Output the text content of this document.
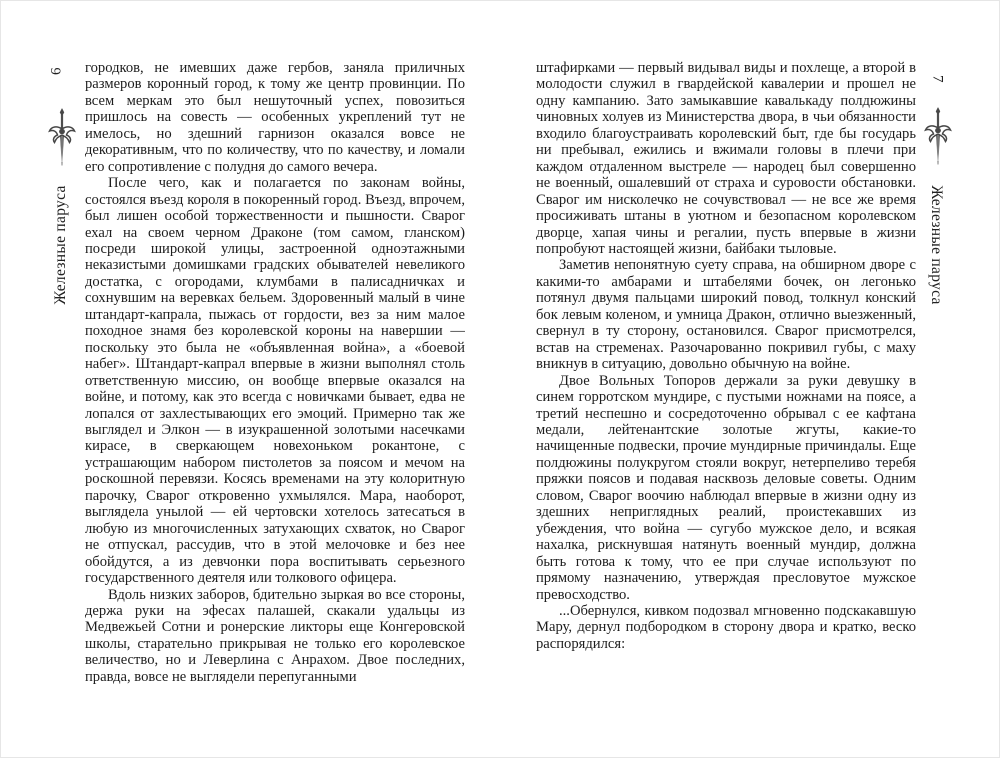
6
Железные паруса

городков, не имевших даже гербов, заняла приличных размеров коронный город, к тому же центр провинции. По всем меркам это был нешуточный успех, повозиться пришлось на совесть — особенных укреплений тут не имелось, но здешний гарнизон оказался вовсе не декоративным, что по количеству, что по качеству, и ломали его сопротивление с полудня до самого вечера.

После чего, как и полагается по законам войны, состоялся въезд короля в покоренный город. Въезд, впрочем, был лишен особой торжественности и пышности. Сварог ехал на своем черном Драконе (том самом, гланском) посреди широкой улицы, застроенной одноэтажными неказистыми домишками градских обывателей невеликого достатка, с огородами, клумбами в палисадничках и сохнувшим на веревках бельем. Здоровенный малый в чине штандарт-капрала, пыжась от гордости, вез за ним малое походное знамя без королевской короны на навершии — поскольку это была не «объявленная война», а «боевой набег». Штандарт-капрал впервые в жизни выполнял столь ответственную миссию, он вообще впервые оказался на войне, и потому, как это всегда с новичками бывает, едва не лопался от захлестывающих его эмоций. Примерно так же выглядел и Элкон — в изукрашенной золотыми насечками кирасе, в сверкающем новехоньком рокантоне, с устрашающим набором пистолетов за поясом и мечом на роскошной перевязи. Косясь временами на эту колоритную парочку, Сварог откровенно ухмылялся. Мара, наоборот, выглядела унылой — ей чертовски хотелось затесаться в любую из многочисленных затухающих схваток, но Сварог не отпускал, рассудив, что в этой мелочовке и без нее обойдутся, а из девчонки пора воспитывать серьезного государственного деятеля или толкового офицера.

Вдоль низких заборов, бдительно зыркая во все стороны, держа руки на эфесах палашей, скакали удальцы из Медвежьей Сотни и ронерские ликторы еще Конгеровской школы, старательно прикрывая не только его королевское величество, но и Леверлина с Анрахом. Двое последних, правда, вовсе не выглядели перепуганными

штафирками — первый видывал виды и похлеще, а второй в молодости служил в гвардейской кавалерии и прошел не одну кампанию. Зато замыкавшие кавалькаду полдюжины чиновных холуев из Министерства двора, в чьи обязанности входило благоустраивать королевский быт, где бы государь ни пребывал, ежились и вжимали головы в плечи при каждом отдаленном выстреле — народец был совершенно не военный, ошалевший от страха и суровости обстановки. Сварог им нисколечко не сочувствовал — не все же время просиживать штаны в уютном и безопасном королевском дворце, хапая чины и регалии, пусть впервые в жизни попробуют настоящей жизни, байбаки тыловые.

Заметив непонятную суету справа, на обширном дворе с какими-то амбарами и штабелями бочек, он легонько потянул двумя пальцами широкий повод, толкнул конский бок левым коленом, и умница Дракон, отлично выезженный, свернул в ту сторону, остановился. Сварог присмотрелся, встав на стременах. Разочарованно покривил губы, с маху вникнув в ситуацию, довольно обычную на войне.

Двое Вольных Топоров держали за руки девушку в синем горротском мундире, с пустыми ножнами на поясе, а третий неспешно и сосредоточенно обрывал с ее кафтана медали, лейтенантские золотые жгуты, какие-то начищенные подвески, прочие мундирные причиндалы. Еще полдюжины полукругом стояли вокруг, нетерпеливо теребя пряжки поясов и подавая насквозь деловые советы. Одним словом, Сварог воочию наблюдал впервые в жизни одну из здешних неприглядных реалий, проистекавших из убеждения, что война — сугубо мужское дело, и всякая нахалка, рискнувшая натянуть военный мундир, должна быть готова к тому, что ее при случае используют по прямому назначению, утверждая пресловутое мужское превосходство.

...Обернулся, кивком подозвал мгновенно подскакавшую Мару, дернул подбородком в сторону двора и кратко, веско распорядился:

7
Железные паруса
